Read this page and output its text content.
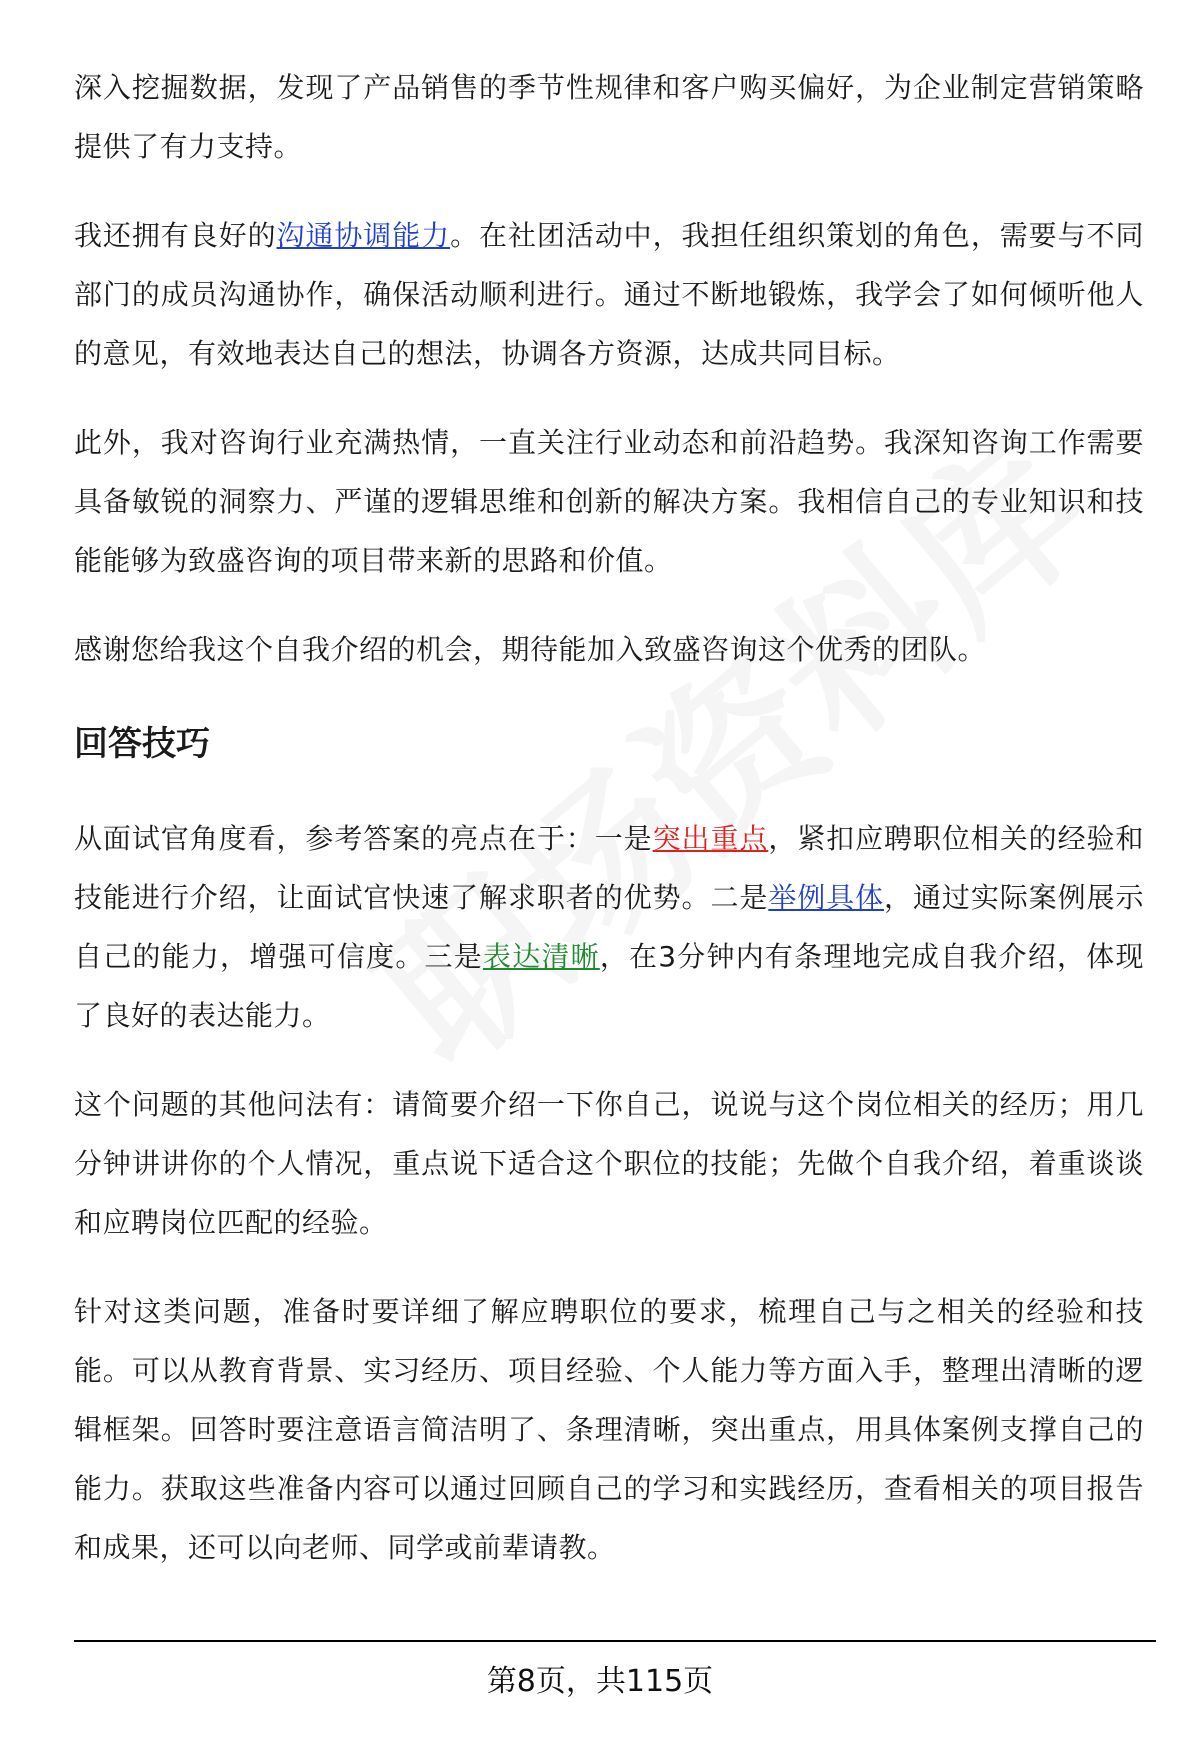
深入挖掘数据，发现了产品销售的季节性规律和客户购买偏好，为企业制定营销策略提供了有力支持。

我还拥有良好的沟通协调能力。在社团活动中，我担任组织策划的角色，需要与不同部门的成员沟通协作，确保活动顺利进行。通过不断地锻炼，我学会了如何倾听他人的意见，有效地表达自己的想法，协调各方资源，达成共同目标。

此外，我对咨询行业充满热情，一直关注行业动态和前沿趋势。我深知咨询工作需要具备敏锐的洞察力、严谨的逻辑思维和创新的解决方案。我相信自己的专业知识和技能能够为致盛咨询的项目带来新的思路和价值。

感谢您给我这个自我介绍的机会，期待能加入致盛咨询这个优秀的团队。

回答技巧

从面试官角度看，参考答案的亮点在于：一是突出重点，紧扣应聘职位相关的经验和技能进行介绍，让面试官快速了解求职者的优势。二是举例具体，通过实际案例展示自己的能力，增强可信度。三是表达清晰，在3分钟内有条理地完成自我介绍，体现了良好的表达能力。

这个问题的其他问法有：请简要介绍一下你自己，说说与这个岗位相关的经历；用几分钟讲讲你的个人情况，重点说下适合这个职位的技能；先做个自我介绍，着重谈谈和应聘岗位匹配的经验。

针对这类问题，准备时要详细了解应聘职位的要求，梳理自己与之相关的经验和技能。可以从教育背景、实习经历、项目经验、个人能力等方面入手，整理出清晰的逻辑框架。回答时要注意语言简洁明了、条理清晰，突出重点，用具体案例支撑自己的能力。获取这些准备内容可以通过回顾自己的学习和实践经历，查看相关的项目报告和成果，还可以向老师、同学或前辈请教。

第8页，共115页
